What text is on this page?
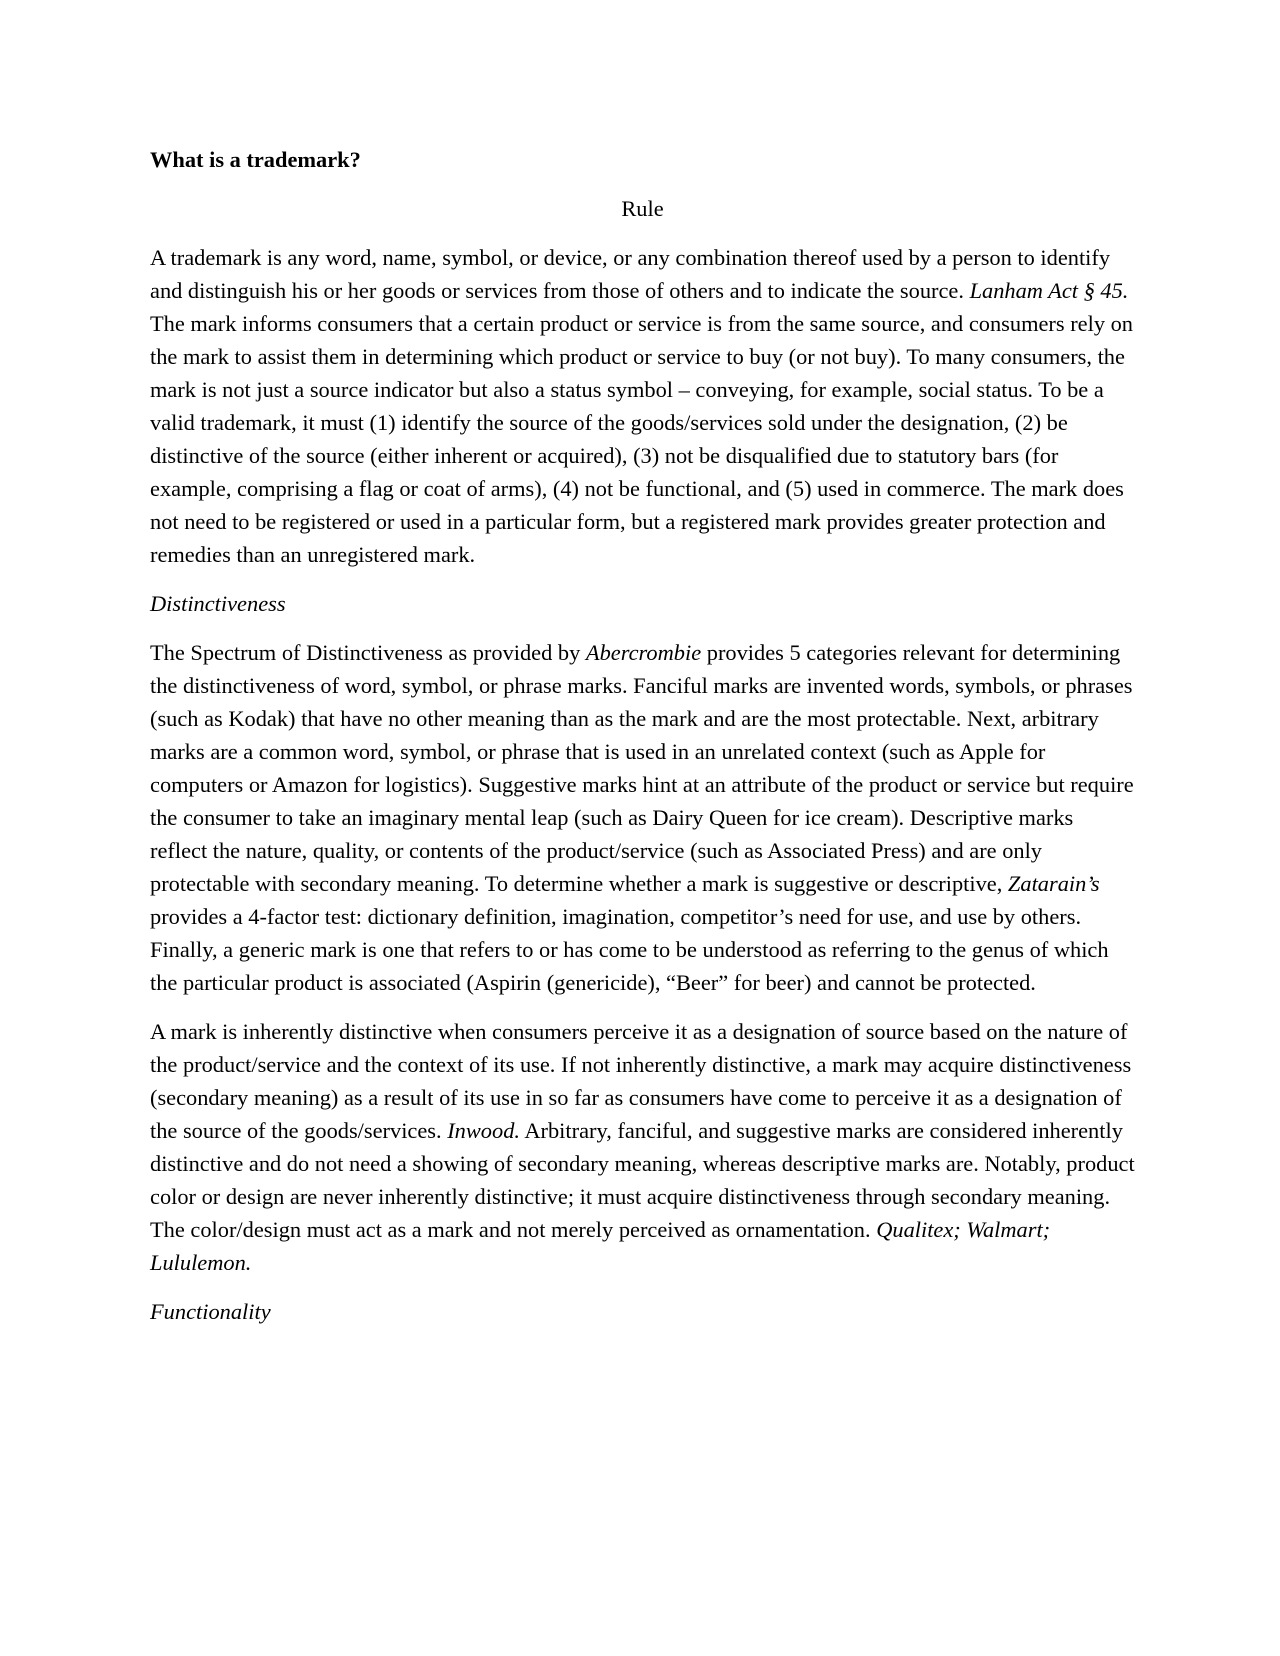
What is a trademark?
Rule

A trademark is any word, name, symbol, or device, or any combination thereof used by a person to identify and distinguish his or her goods or services from those of others and to indicate the source. Lanham Act § 45. The mark informs consumers that a certain product or service is from the same source, and consumers rely on the mark to assist them in determining which product or service to buy (or not buy). To many consumers, the mark is not just a source indicator but also a status symbol – conveying, for example, social status. To be a valid trademark, it must (1) identify the source of the goods/services sold under the designation, (2) be distinctive of the source (either inherent or acquired), (3) not be disqualified due to statutory bars (for example, comprising a flag or coat of arms), (4) not be functional, and (5) used in commerce. The mark does not need to be registered or used in a particular form, but a registered mark provides greater protection and remedies than an unregistered mark.

Distinctiveness

The Spectrum of Distinctiveness as provided by Abercrombie provides 5 categories relevant for determining the distinctiveness of word, symbol, or phrase marks. Fanciful marks are invented words, symbols, or phrases (such as Kodak) that have no other meaning than as the mark and are the most protectable. Next, arbitrary marks are a common word, symbol, or phrase that is used in an unrelated context (such as Apple for computers or Amazon for logistics). Suggestive marks hint at an attribute of the product or service but require the consumer to take an imaginary mental leap (such as Dairy Queen for ice cream). Descriptive marks reflect the nature, quality, or contents of the product/service (such as Associated Press) and are only protectable with secondary meaning. To determine whether a mark is suggestive or descriptive, Zatarain’s provides a 4-factor test: dictionary definition, imagination, competitor’s need for use, and use by others. Finally, a generic mark is one that refers to or has come to be understood as referring to the genus of which the particular product is associated (Aspirin (genericide), “Beer” for beer) and cannot be protected.

A mark is inherently distinctive when consumers perceive it as a designation of source based on the nature of the product/service and the context of its use. If not inherently distinctive, a mark may acquire distinctiveness (secondary meaning) as a result of its use in so far as consumers have come to perceive it as a designation of the source of the goods/services. Inwood. Arbitrary, fanciful, and suggestive marks are considered inherently distinctive and do not need a showing of secondary meaning, whereas descriptive marks are. Notably, product color or design are never inherently distinctive; it must acquire distinctiveness through secondary meaning. The color/design must act as a mark and not merely perceived as ornamentation. Qualitex; Walmart; Lululemon.

Functionality
